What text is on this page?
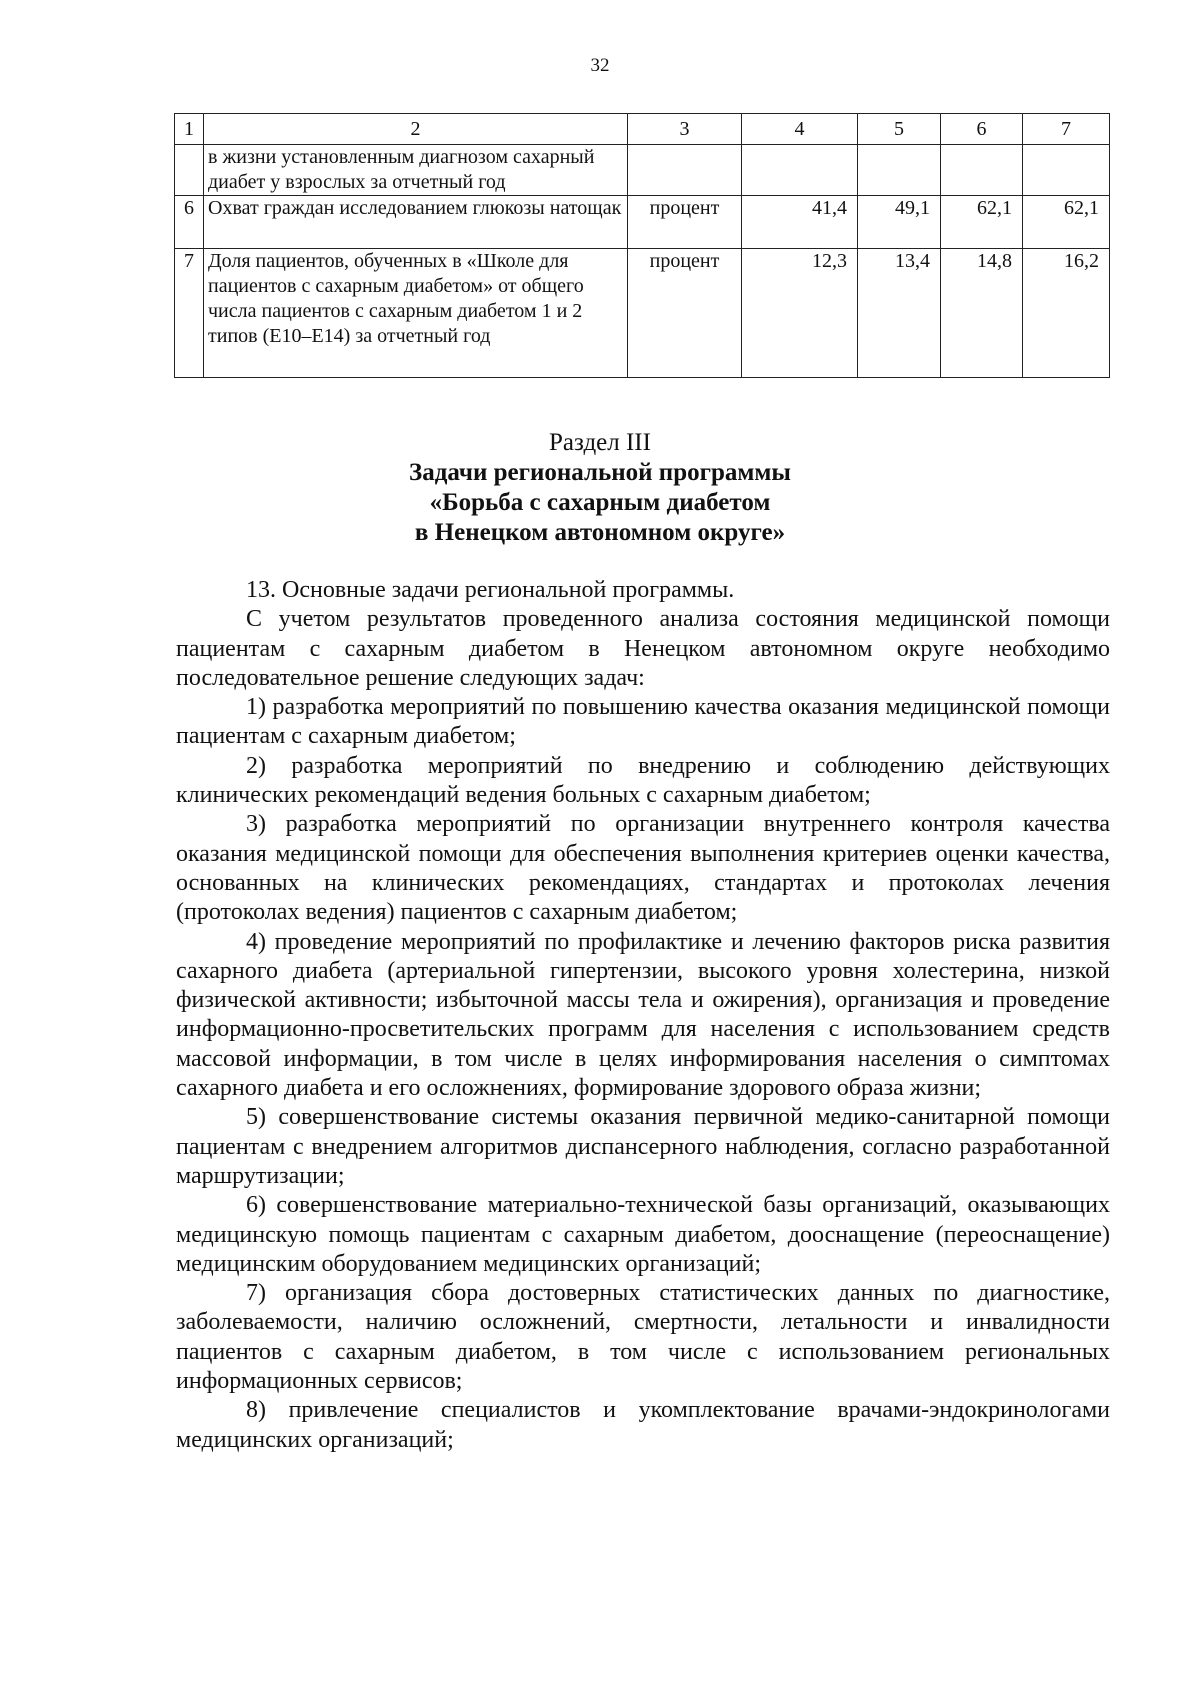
32
1	2	3	4	5	6	7
	в жизни установленным диагнозом сахарный диабет у взрослых за отчетный год					
6	Охват граждан исследованием глюкозы натощак	процент	41,4	49,1	62,1	62,1
7	Доля пациентов, обученных в «Школе для пациентов с сахарным диабетом» от общего числа пациентов с сахарным диабетом 1 и 2 типов (Е10–Е14) за отчетный год	процент	12,3	13,4	14,8	16,2
Раздел III
Задачи региональной программы
«Борьба с сахарным диабетом
в Ненецком автономном округе»

13. Основные задачи региональной программы.

С учетом результатов проведенного анализа состояния медицинской помощи пациентам с сахарным диабетом в Ненецком автономном округе необходимо последовательное решение следующих задач:

1) разработка мероприятий по повышению качества оказания медицинской помощи пациентам с сахарным диабетом;

2) разработка мероприятий по внедрению и соблюдению действующих клинических рекомендаций ведения больных с сахарным диабетом;

3) разработка мероприятий по организации внутреннего контроля качества оказания медицинской помощи для обеспечения выполнения критериев оценки качества, основанных на клинических рекомендациях, стандартах и протоколах лечения (протоколах ведения) пациентов с сахарным диабетом;

4) проведение мероприятий по профилактике и лечению факторов риска развития сахарного диабета (артериальной гипертензии, высокого уровня холестерина, низкой физической активности; избыточной массы тела и ожирения), организация и проведение информационно-просветительских программ для населения с использованием средств массовой информации, в том числе в целях информирования населения о симптомах сахарного диабета и его осложнениях, формирование здорового образа жизни;

5) совершенствование системы оказания первичной медико-санитарной помощи пациентам с внедрением алгоритмов диспансерного наблюдения, согласно разработанной маршрутизации;

6) совершенствование материально-технической базы организаций, оказывающих медицинскую помощь пациентам с сахарным диабетом, дооснащение (переоснащение) медицинским оборудованием медицинских организаций;

7) организация сбора достоверных статистических данных по диагностике, заболеваемости, наличию осложнений, смертности, летальности и инвалидности пациентов с сахарным диабетом, в том числе с использованием региональных информационных сервисов;

8) привлечение специалистов и укомплектование врачами-эндокринологами медицинских организаций;
